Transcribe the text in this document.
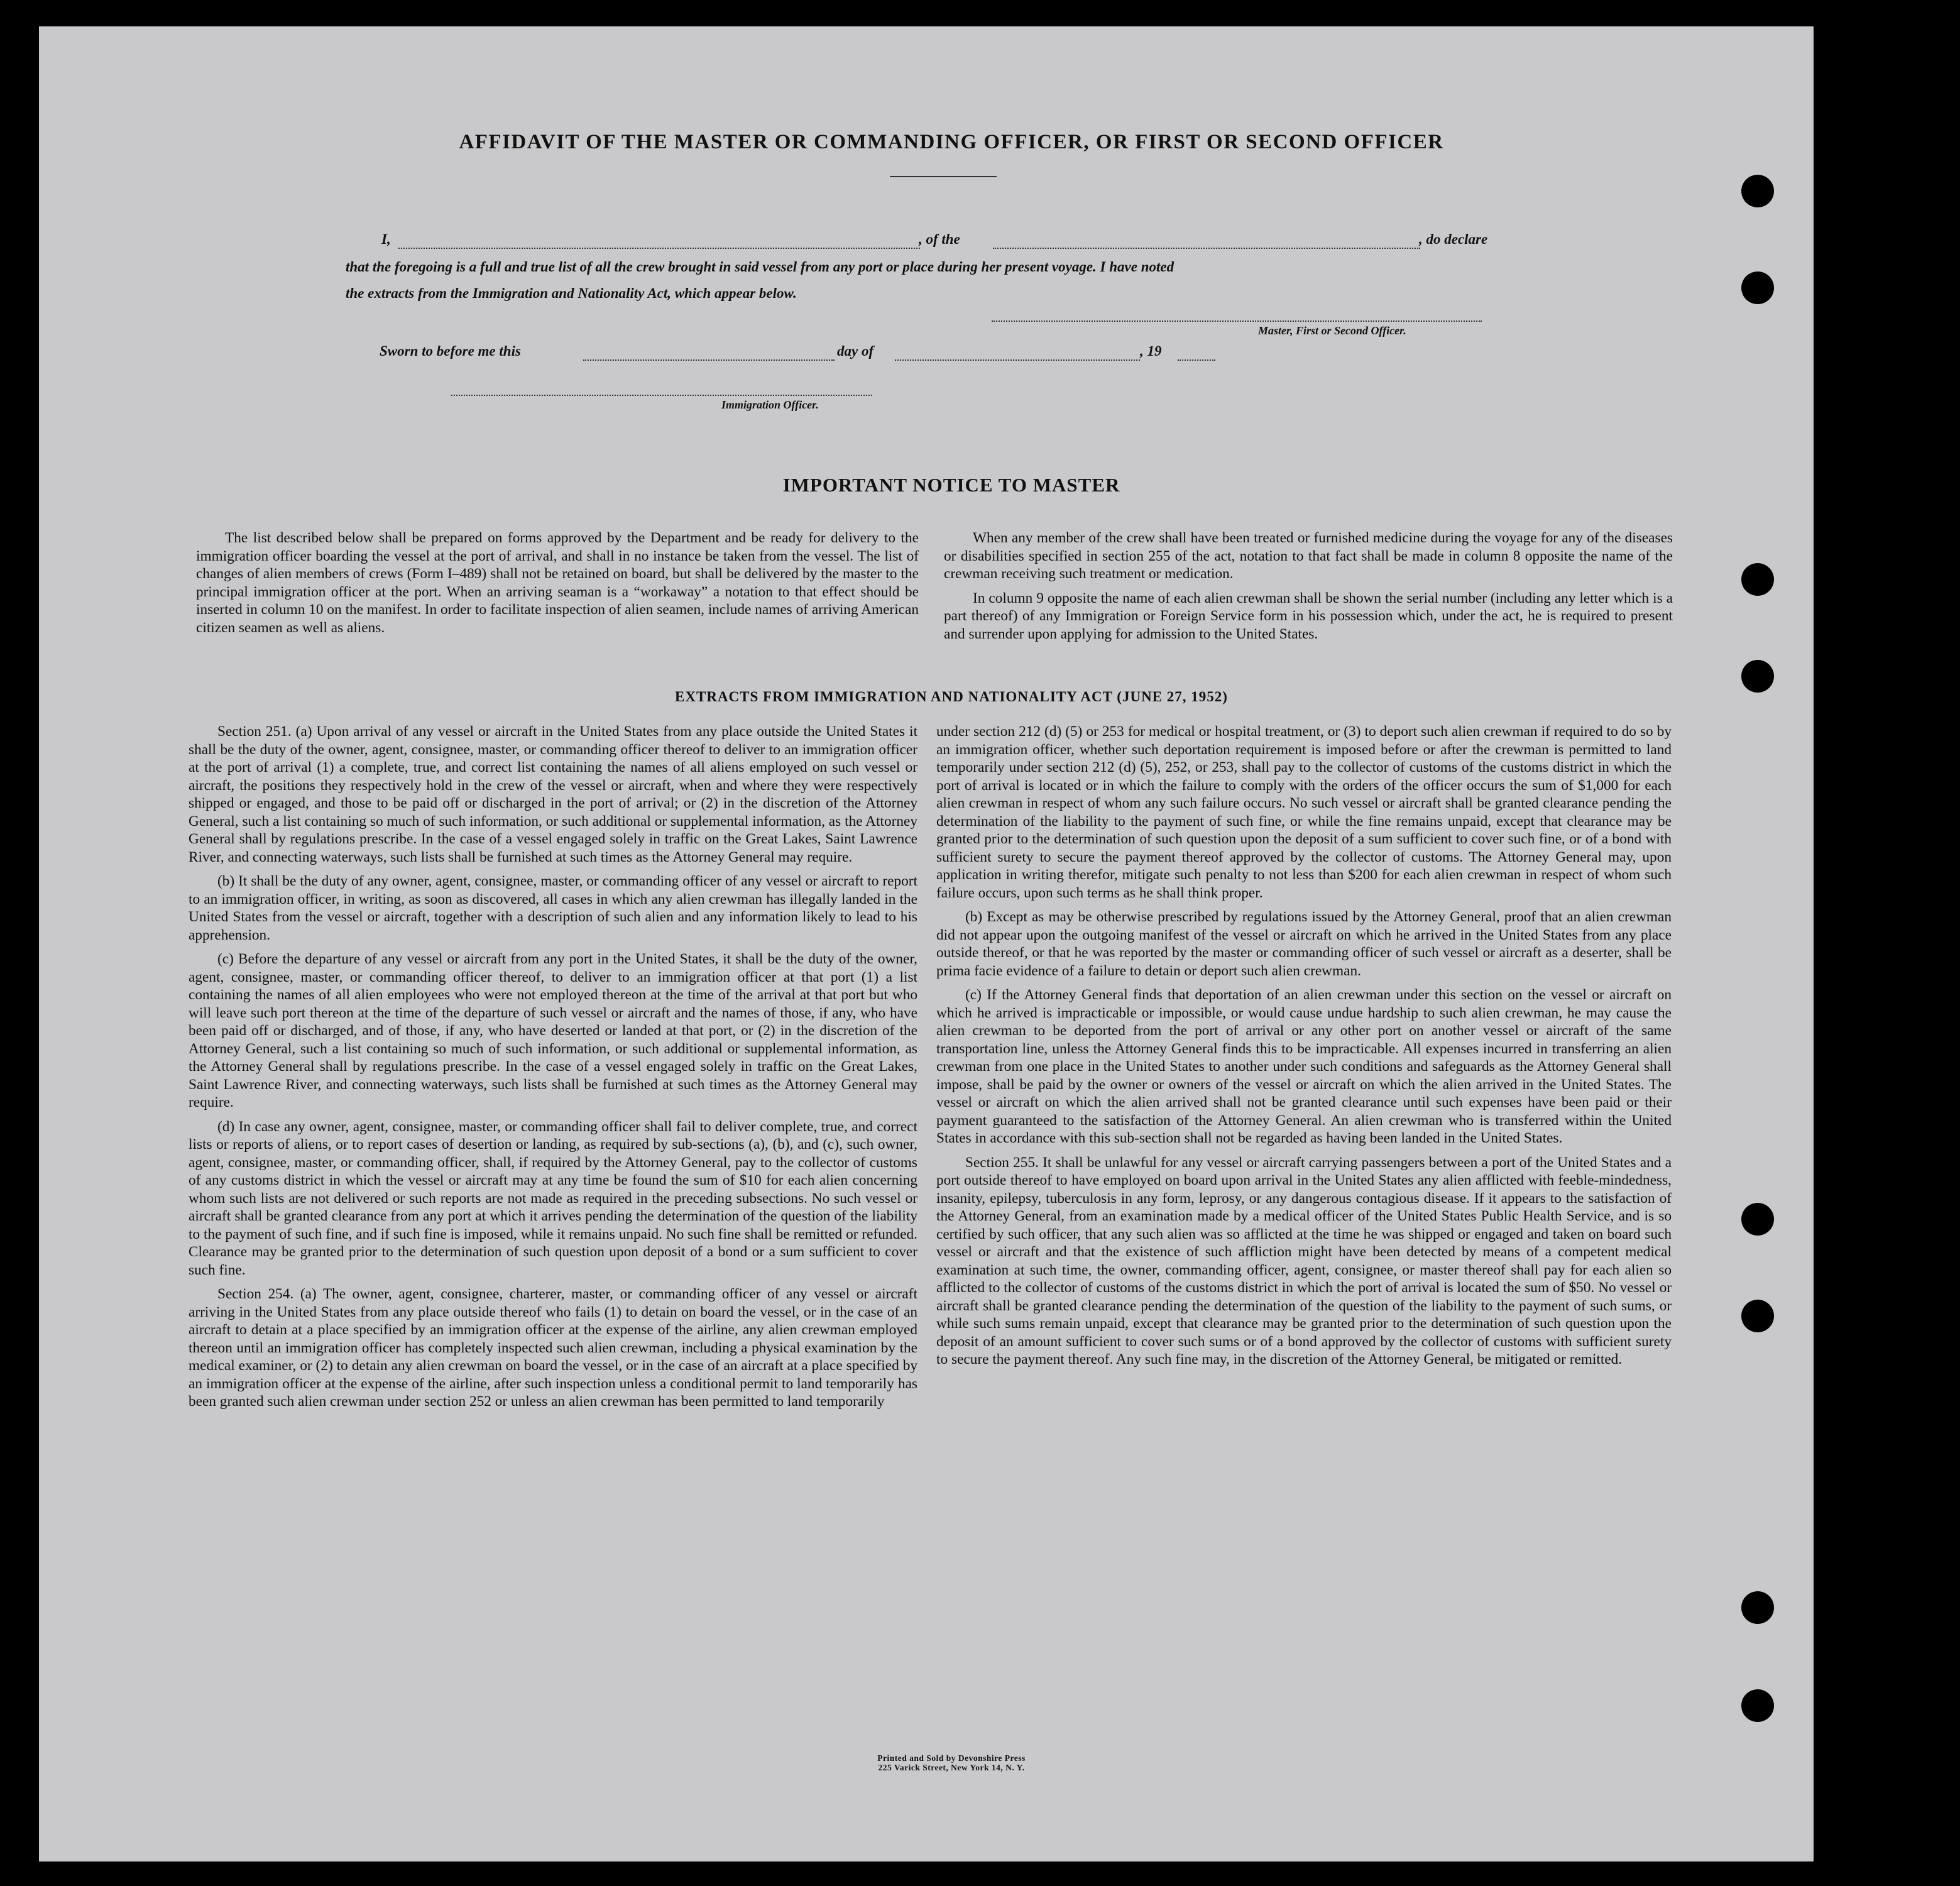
AFFIDAVIT OF THE MASTER OR COMMANDING OFFICER, OR FIRST OR SECOND OFFICER
I,	, of the	, do declare
that the foregoing is a full and true list of all the crew brought in said vessel from any port or place during her present voyage. I have noted
the extracts from the Immigration and Nationality Act, which appear below.
Master, First or Second Officer.
Sworn to before me this	day of	, 19
Immigration Officer.
IMPORTANT NOTICE TO MASTER

The list described below shall be prepared on forms approved by the Department and be ready for delivery to the immigration officer boarding the vessel at the port of arrival, and shall in no instance be taken from the vessel. The list of changes of alien members of crews (Form I–489) shall not be retained on board, but shall be delivered by the master to the principal immigration officer at the port. When an arriving seaman is a “workaway” a notation to that effect should be inserted in column 10 on the manifest. In order to facilitate inspection of alien seamen, include names of arriving American citizen seamen as well as aliens.

When any member of the crew shall have been treated or furnished medicine during the voyage for any of the diseases or disabilities specified in section 255 of the act, notation to that fact shall be made in column 8 opposite the name of the crewman receiving such treatment or medication.

In column 9 opposite the name of each alien crewman shall be shown the serial number (including any letter which is a part thereof) of any Immigration or Foreign Service form in his possession which, under the act, he is required to present and surrender upon applying for admission to the United States.

EXTRACTS FROM IMMIGRATION AND NATIONALITY ACT (JUNE 27, 1952)

Section 251. (a) Upon arrival of any vessel or aircraft in the United States from any place outside the United States it shall be the duty of the owner, agent, consignee, master, or commanding officer thereof to deliver to an immigration officer at the port of arrival (1) a complete, true, and correct list containing the names of all aliens employed on such vessel or aircraft, the positions they respectively hold in the crew of the vessel or aircraft, when and where they were respectively shipped or engaged, and those to be paid off or discharged in the port of arrival; or (2) in the discretion of the Attorney General, such a list containing so much of such information, or such additional or supplemental information, as the Attorney General shall by regulations prescribe. In the case of a vessel engaged solely in traffic on the Great Lakes, Saint Lawrence River, and connecting waterways, such lists shall be furnished at such times as the Attorney General may require.

(b) It shall be the duty of any owner, agent, consignee, master, or commanding officer of any vessel or aircraft to report to an immigration officer, in writing, as soon as discovered, all cases in which any alien crewman has illegally landed in the United States from the vessel or aircraft, together with a description of such alien and any information likely to lead to his apprehension.

(c) Before the departure of any vessel or aircraft from any port in the United States, it shall be the duty of the owner, agent, consignee, master, or commanding officer thereof, to deliver to an immigration officer at that port (1) a list containing the names of all alien employees who were not employed thereon at the time of the arrival at that port but who will leave such port thereon at the time of the departure of such vessel or aircraft and the names of those, if any, who have been paid off or discharged, and of those, if any, who have deserted or landed at that port, or (2) in the discretion of the Attorney General, such a list containing so much of such information, or such additional or supplemental information, as the Attorney General shall by regulations prescribe. In the case of a vessel engaged solely in traffic on the Great Lakes, Saint Lawrence River, and connecting waterways, such lists shall be furnished at such times as the Attorney General may require.

(d) In case any owner, agent, consignee, master, or commanding officer shall fail to deliver complete, true, and correct lists or reports of aliens, or to report cases of desertion or landing, as required by sub-sections (a), (b), and (c), such owner, agent, consignee, master, or commanding officer, shall, if required by the Attorney General, pay to the collector of customs of any customs district in which the vessel or aircraft may at any time be found the sum of $10 for each alien concerning whom such lists are not delivered or such reports are not made as required in the preceding subsections. No such vessel or aircraft shall be granted clearance from any port at which it arrives pending the determination of the question of the liability to the payment of such fine, and if such fine is imposed, while it remains unpaid. No such fine shall be remitted or refunded. Clearance may be granted prior to the determination of such question upon deposit of a bond or a sum sufficient to cover such fine.

Section 254. (a) The owner, agent, consignee, charterer, master, or commanding officer of any vessel or aircraft arriving in the United States from any place outside thereof who fails (1) to detain on board the vessel, or in the case of an aircraft to detain at a place specified by an immigration officer at the expense of the airline, any alien crewman employed thereon until an immigration officer has completely inspected such alien crewman, including a physical examination by the medical examiner, or (2) to detain any alien crewman on board the vessel, or in the case of an aircraft at a place specified by an immigration officer at the expense of the airline, after such inspection unless a conditional permit to land temporarily has been granted such alien crewman under section 252 or unless an alien crewman has been permitted to land temporarily

under section 212 (d) (5) or 253 for medical or hospital treatment, or (3) to deport such alien crewman if required to do so by an immigration officer, whether such deportation requirement is imposed before or after the crewman is permitted to land temporarily under section 212 (d) (5), 252, or 253, shall pay to the collector of customs of the customs district in which the port of arrival is located or in which the failure to comply with the orders of the officer occurs the sum of $1,000 for each alien crewman in respect of whom any such failure occurs. No such vessel or aircraft shall be granted clearance pending the determination of the liability to the payment of such fine, or while the fine remains unpaid, except that clearance may be granted prior to the determination of such question upon the deposit of a sum sufficient to cover such fine, or of a bond with sufficient surety to secure the payment thereof approved by the collector of customs. The Attorney General may, upon application in writing therefor, mitigate such penalty to not less than $200 for each alien crewman in respect of whom such failure occurs, upon such terms as he shall think proper.

(b) Except as may be otherwise prescribed by regulations issued by the Attorney General, proof that an alien crewman did not appear upon the outgoing manifest of the vessel or aircraft on which he arrived in the United States from any place outside thereof, or that he was reported by the master or commanding officer of such vessel or aircraft as a deserter, shall be prima facie evidence of a failure to detain or deport such alien crewman.

(c) If the Attorney General finds that deportation of an alien crewman under this section on the vessel or aircraft on which he arrived is impracticable or impossible, or would cause undue hardship to such alien crewman, he may cause the alien crewman to be deported from the port of arrival or any other port on another vessel or aircraft of the same transportation line, unless the Attorney General finds this to be impracticable. All expenses incurred in transferring an alien crewman from one place in the United States to another under such conditions and safeguards as the Attorney General shall impose, shall be paid by the owner or owners of the vessel or aircraft on which the alien arrived in the United States. The vessel or aircraft on which the alien arrived shall not be granted clearance until such expenses have been paid or their payment guaranteed to the satisfaction of the Attorney General. An alien crewman who is transferred within the United States in accordance with this sub-section shall not be regarded as having been landed in the United States.

Section 255. It shall be unlawful for any vessel or aircraft carrying passengers between a port of the United States and a port outside thereof to have employed on board upon arrival in the United States any alien afflicted with feeble-mindedness, insanity, epilepsy, tuberculosis in any form, leprosy, or any dangerous contagious disease. If it appears to the satisfaction of the Attorney General, from an examination made by a medical officer of the United States Public Health Service, and is so certified by such officer, that any such alien was so afflicted at the time he was shipped or engaged and taken on board such vessel or aircraft and that the existence of such affliction might have been detected by means of a competent medical examination at such time, the owner, commanding officer, agent, consignee, or master thereof shall pay for each alien so afflicted to the collector of customs of the customs district in which the port of arrival is located the sum of $50. No vessel or aircraft shall be granted clearance pending the determination of the question of the liability to the payment of such sums, or while such sums remain unpaid, except that clearance may be granted prior to the determination of such question upon the deposit of an amount sufficient to cover such sums or of a bond approved by the collector of customs with sufficient surety to secure the payment thereof. Any such fine may, in the discretion of the Attorney General, be mitigated or remitted.

Printed and Sold by Devonshire Press
225 Varick Street, New York 14, N. Y.
